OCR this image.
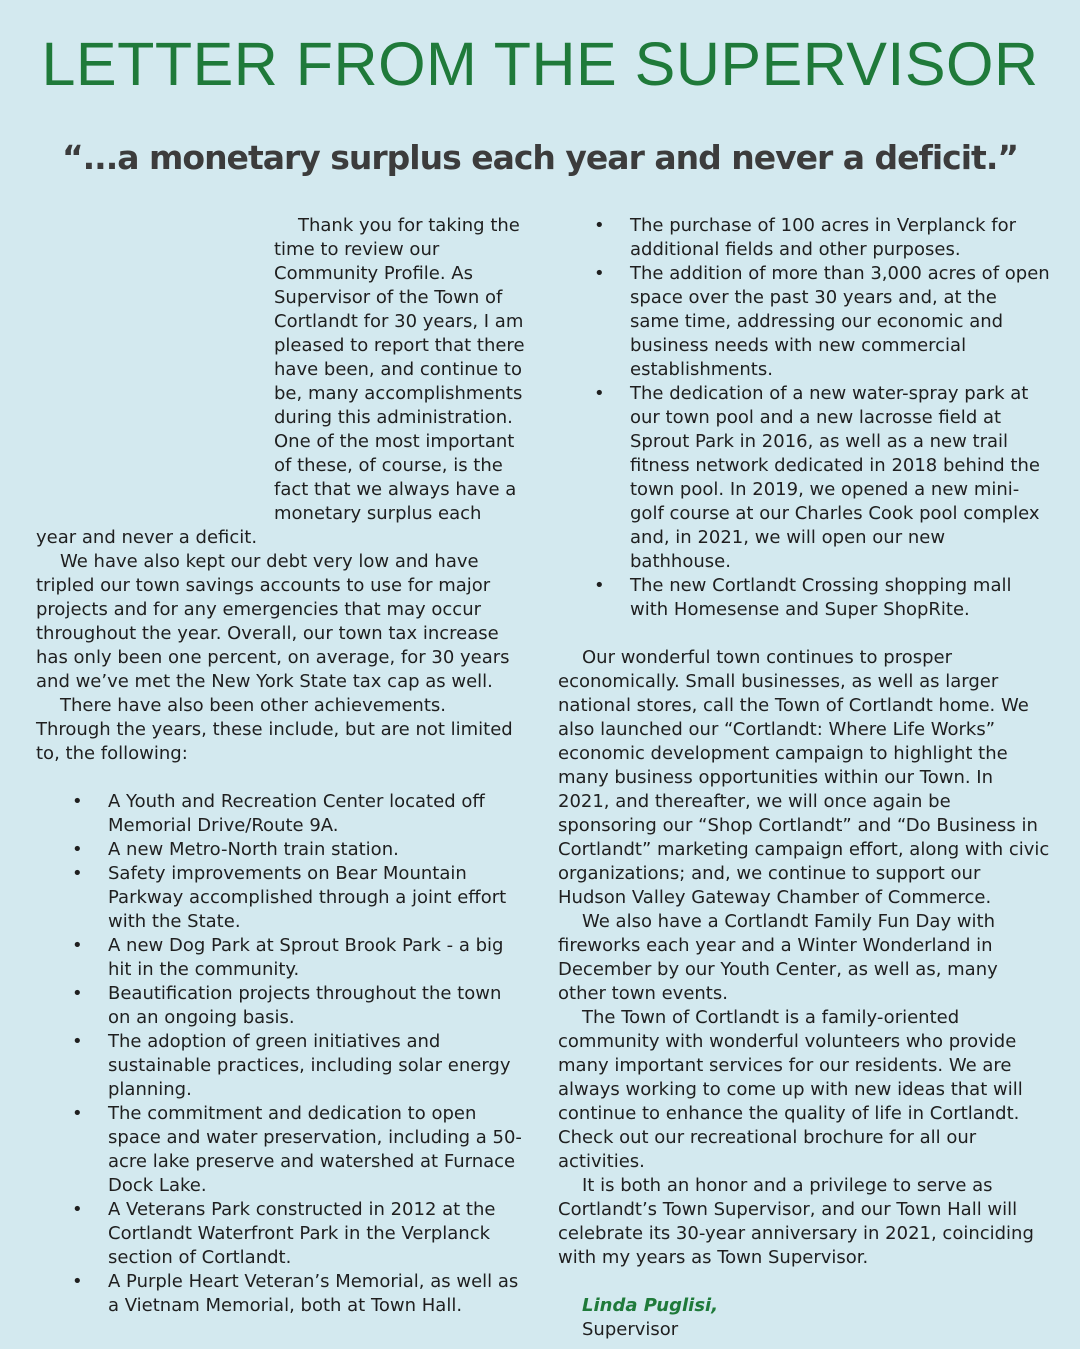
LETTER FROM THE SUPERVISOR
“...a monetary surplus each year and never a deficit.”

Thank you for taking the time to review our Community Profile. As Supervisor of the Town of Cortlandt for 30 years, I am pleased to report that there have been, and continue to be, many accomplishments during this administration. One of the most important of these, of course, is the fact that we always have a monetary surplus each year and never a deficit.

We have also kept our debt very low and have tripled our town savings accounts to use for major projects and for any emergencies that may occur throughout the year. Overall, our town tax increase has only been one percent, on average, for 30 years and we’ve met the New York State tax cap as well.

There have also been other achievements. Through the years, these include, but are not limited to, the following:

• A Youth and Recreation Center located off Memorial Drive/Route 9A.
• A new Metro-North train station.
• Safety improvements on Bear Mountain Parkway accomplished through a joint effort with the State.
• A new Dog Park at Sprout Brook Park - a big hit in the community.
• Beautification projects throughout the town on an ongoing basis.
• The adoption of green initiatives and sustainable practices, including solar energy planning.
• The commitment and dedication to open space and water preservation, including a 50-acre lake preserve and watershed at Furnace Dock Lake.
• A Veterans Park constructed in 2012 at the Cortlandt Waterfront Park in the Verplanck section of Cortlandt.
• A Purple Heart Veteran’s Memorial, as well as a Vietnam Memorial, both at Town Hall.
• The purchase of 100 acres in Verplanck for additional fields and other purposes.
• The addition of more than 3,000 acres of open space over the past 30 years and, at the same time, addressing our economic and business needs with new commercial establishments.
• The dedication of a new water-spray park at our town pool and a new lacrosse field at Sprout Park in 2016, as well as a new trail fitness network dedicated in 2018 behind the town pool. In 2019, we opened a new mini-golf course at our Charles Cook pool complex and, in 2021, we will open our new bathhouse.
• The new Cortlandt Crossing shopping mall with Homesense and Super ShopRite.

Our wonderful town continues to prosper economically. Small businesses, as well as larger national stores, call the Town of Cortlandt home. We also launched our “Cortlandt: Where Life Works” economic development campaign to highlight the many business opportunities within our Town. In 2021, and thereafter, we will once again be sponsoring our “Shop Cortlandt” and “Do Business in Cortlandt” marketing campaign effort, along with civic organizations; and, we continue to support our Hudson Valley Gateway Chamber of Commerce.

We also have a Cortlandt Family Fun Day with fireworks each year and a Winter Wonderland in December by our Youth Center, as well as, many other town events.

The Town of Cortlandt is a family-oriented community with wonderful volunteers who provide many important services for our residents. We are always working to come up with new ideas that will continue to enhance the quality of life in Cortlandt. Check out our recreational brochure for all our activities.

It is both an honor and a privilege to serve as Cortlandt’s Town Supervisor, and our Town Hall will celebrate its 30-year anniversary in 2021, coinciding with my years as Town Supervisor.

Linda Puglisi,

Supervisor
